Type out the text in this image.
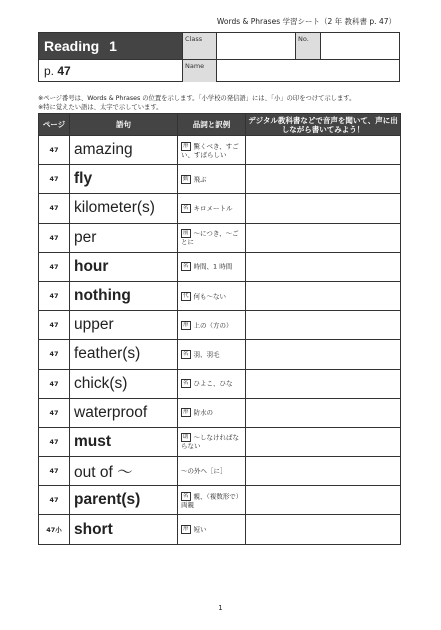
Words & Phrases 学習シート（2 年 教科書 p. 47）
Reading 1
p. 47
Class	No.
Name
※ページ番号は、Words & Phrases の位置を示します。「小学校の発信語」には、「小」の印をつけて示します。
※特に覚えたい語は、太字で示しています。
ページ	語句	品詞と訳例	デジタル教科書などで音声を聞いて、声に出しながら書いてみよう！
47	amazing	形 驚くべき、すごい、すばらしい	
47	fly	動 飛ぶ	
47	kilometer(s)	名 キロメートル	
47	per	前 ～につき、～ごとに	
47	hour	名 時間、1 時間	
47	nothing	代 何も～ない	
47	upper	形 上の（方の）	
47	feather(s)	名 羽、羽毛	
47	chick(s)	名 ひよこ、ひな	
47	waterproof	形 防水の	
47	must	助 ～しなければならない	
47	out of ～	～の外へ［に］	
47	parent(s)	名 親、（複数形で）両親	
47小	short	形 短い	
1
